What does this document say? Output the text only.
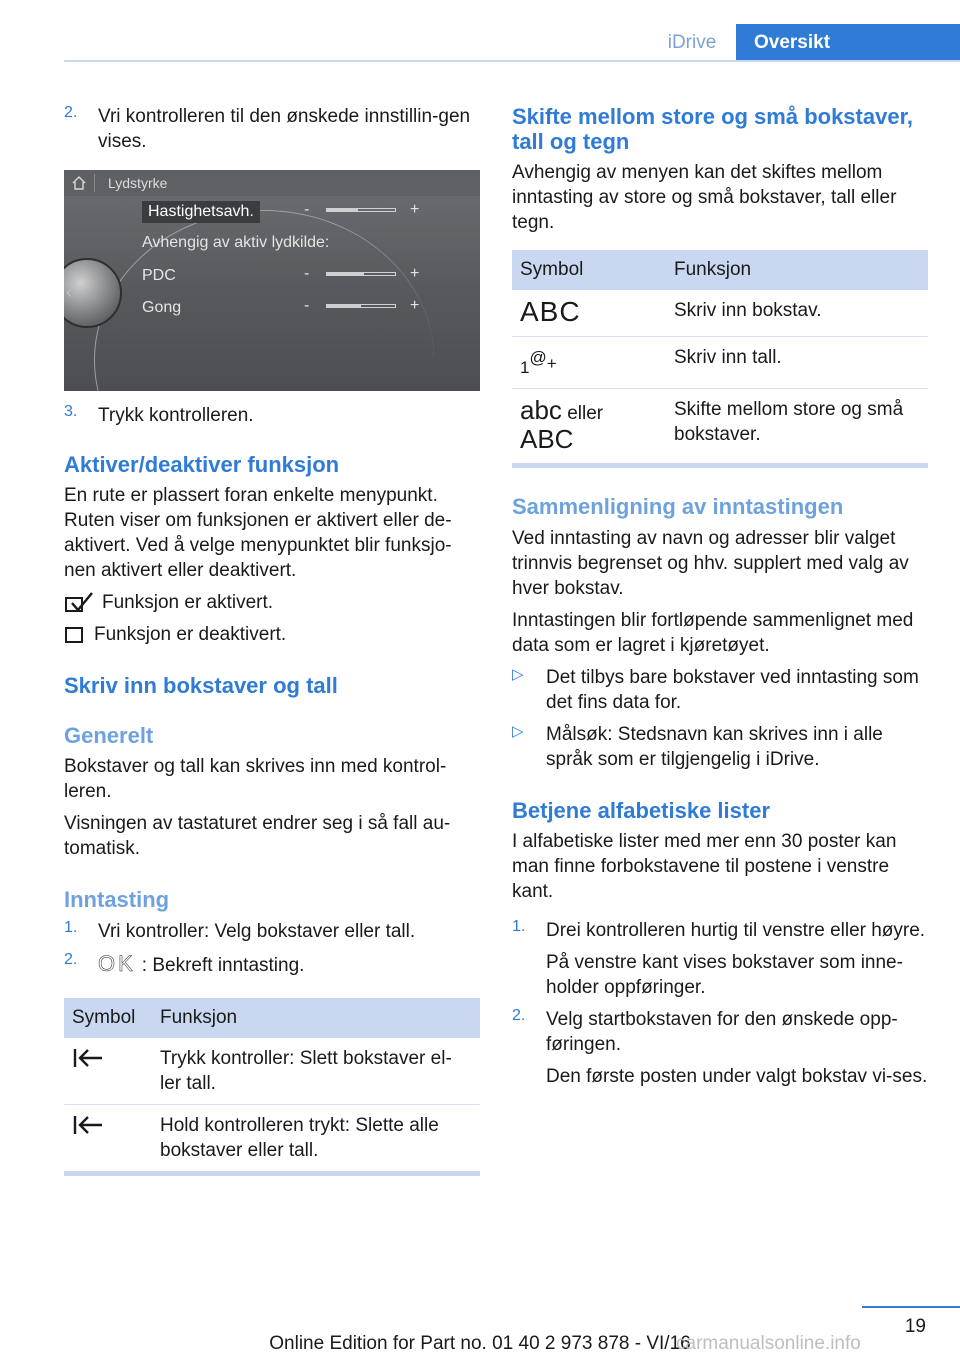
iDrive	Oversikt
2.	Vri kontrolleren til den ønskede innstillin-gen vises.

Lydstyrke
‹
Hastighetsavh.	-	+
Avhengig av aktiv lydkilde:
PDC	-	+
Gong	-	+
3.	Trykk kontrolleren.

Aktiver/deaktiver funksjon

En rute er plassert foran enkelte menypunkt. Ruten viser om funksjonen er aktivert eller de-aktivert. Ved å velge menypunktet blir funksjo-nen aktivert eller deaktivert.

Funksjon er aktivert.

Funksjon er deaktivert.

Skriv inn bokstaver og tall
Generelt

Bokstaver og tall kan skrives inn med kontrol-leren.

Visningen av tastaturet endrer seg i så fall au-tomatisk.

Inntasting
1.	Vri kontroller: Velg bokstaver eller tall.

2. OK : Bekreft inntasting.

Symbol	Funksjon
	Trykk kontroller: Slett bokstaver el-ler tall.
	Hold kontrolleren trykt: Slette alle bokstaver eller tall.
Skifte mellom store og små bokstaver, tall og tegn

Avhengig av menyen kan det skiftes mellom inntasting av store og små bokstaver, tall eller tegn.

Symbol	Funksjon
ABC	Skriv inn bokstav.
1@+	Skriv inn tall.

abc eller
ABC	Skifte mellom store og små bokstaver.
Sammenligning av inntastingen

Ved inntasting av navn og adresser blir valget trinnvis begrenset og hhv. supplert med valg av hver bokstav.

Inntastingen blir fortløpende sammenlignet med data som er lagret i kjøretøyet.

▷	Det tilbys bare bokstaver ved inntasting som det fins data for.

▷	Målsøk: Stedsnavn kan skrives inn i alle språk som er tilgjengelig i iDrive.

Betjene alfabetiske lister

I alfabetiske lister med mer enn 30 poster kan man finne forbokstavene til postene i venstre kant.

1.	Drei kontrolleren hurtig til venstre eller høyre.

På venstre kant vises bokstaver som inne-holder oppføringer.

2.	Velg startbokstaven for den ønskede opp-føringen.

Den første posten under valgt bokstav vi-ses.

19
Online Edition for Part no. 01 40 2 973 878 - VI/16
carmanualsonline.info
